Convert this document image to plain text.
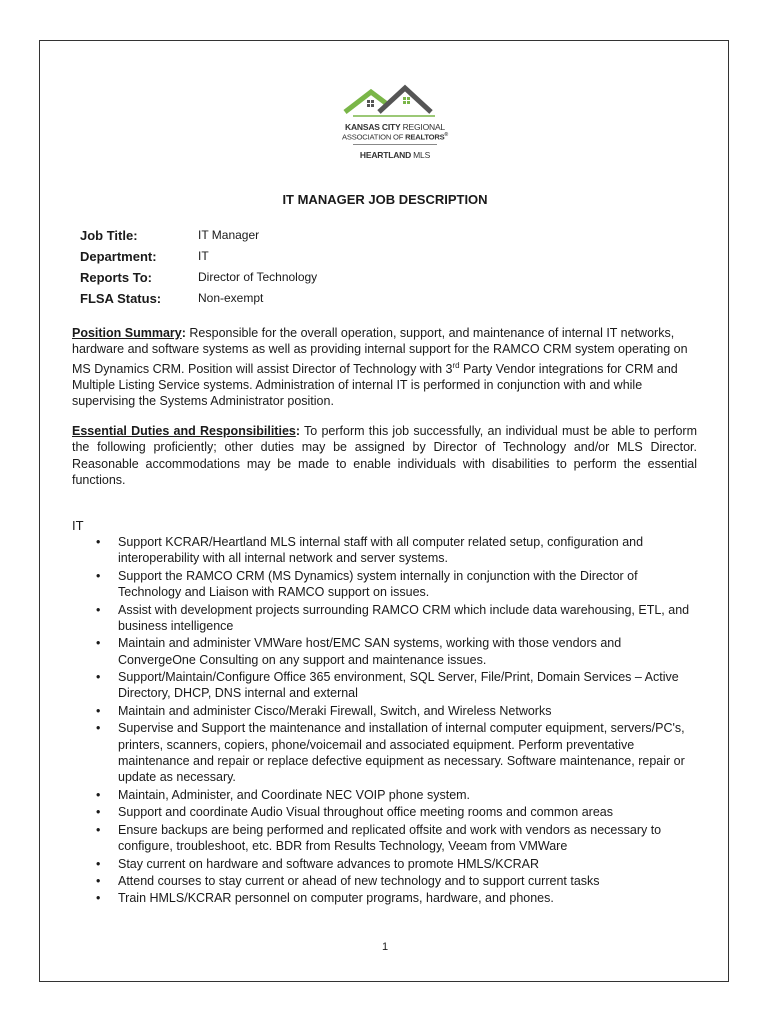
KANSAS CITY REGIONAL
ASSOCIATION OF REALTORS®
HEARTLAND MLS
IT MANAGER JOB DESCRIPTION
Job Title:	IT Manager
Department:	IT
Reports To:	Director of Technology
FLSA Status:	Non-exempt

Position Summary: Responsible for the overall operation, support, and maintenance of internal IT networks, hardware and software systems as well as providing internal support for the RAMCO CRM system operating on MS Dynamics CRM. Position will assist Director of Technology with 3rd Party Vendor integrations for CRM and Multiple Listing Service systems. Administration of internal IT is performed in conjunction with and while supervising the Systems Administrator position.

Essential Duties and Responsibilities: To perform this job successfully, an individual must be able to perform the following proficiently; other duties may be assigned by Director of Technology and/or MLS Director. Reasonable accommodations may be made to enable individuals with disabilities to perform the essential functions.

IT
• Support KCRAR/Heartland MLS internal staff with all computer related setup, configuration and interoperability with all internal network and server systems.
• Support the RAMCO CRM (MS Dynamics) system internally in conjunction with the Director of Technology and Liaison with RAMCO support on issues.
• Assist with development projects surrounding RAMCO CRM which include data warehousing, ETL, and business intelligence
• Maintain and administer VMWare host/EMC SAN systems, working with those vendors and ConvergeOne Consulting on any support and maintenance issues.
• Support/Maintain/Configure Office 365 environment, SQL Server, File/Print, Domain Services – Active Directory, DHCP, DNS internal and external
• Maintain and administer Cisco/Meraki Firewall, Switch, and Wireless Networks
• Supervise and Support the maintenance and installation of internal computer equipment, servers/PC's, printers, scanners, copiers, phone/voicemail and associated equipment. Perform preventative maintenance and repair or replace defective equipment as necessary. Software maintenance, repair or update as necessary.
• Maintain, Administer, and Coordinate NEC VOIP phone system.
• Support and coordinate Audio Visual throughout office meeting rooms and common areas
• Ensure backups are being performed and replicated offsite and work with vendors as necessary to configure, troubleshoot, etc. BDR from Results Technology, Veeam from VMWare
• Stay current on hardware and software advances to promote HMLS/KCRAR
• Attend courses to stay current or ahead of new technology and to support current tasks
• Train HMLS/KCRAR personnel on computer programs, hardware, and phones.
1
